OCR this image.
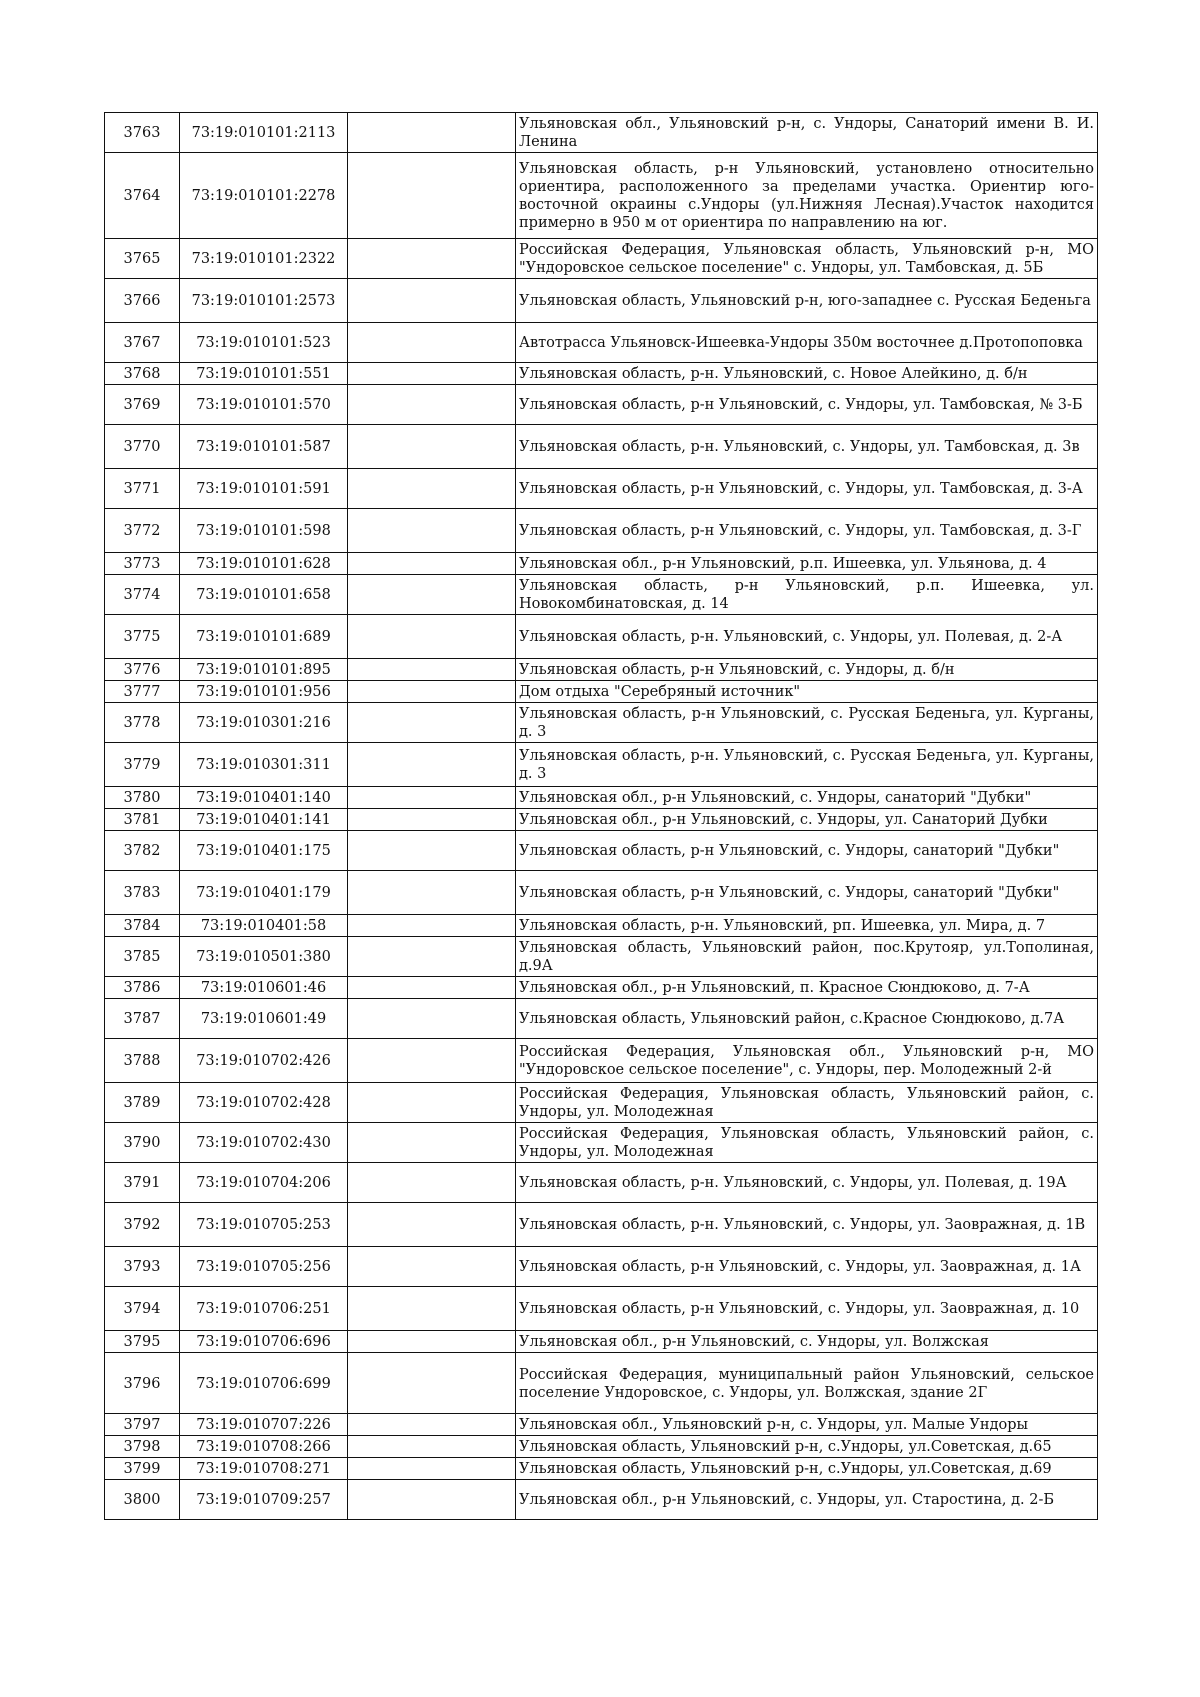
3763	73:19:010101:2113		Ульяновская обл., Ульяновский р-н, с. Ундоры, Санаторий имени В. И. Ленина
3764	73:19:010101:2278		Ульяновская область, р-н Ульяновский, установлено относительно ориентира, расположенного за пределами участка. Ориентир юго-восточной окраины с.Ундоры (ул.Нижняя Лесная).Участок находится примерно в 950 м от ориентира по направлению на юг.
3765	73:19:010101:2322		Российская Федерация, Ульяновская область, Ульяновский р-н, МО "Ундоровское сельское поселение" с. Ундоры, ул. Тамбовская, д. 5Б
3766	73:19:010101:2573		Ульяновская область, Ульяновский р-н, юго-западнее с. Русская Беденьга
3767	73:19:010101:523		Автотрасса Ульяновск-Ишеевка-Ундоры 350м восточнее д.Протопоповка
3768	73:19:010101:551		Ульяновская область, р-н. Ульяновский, с. Новое Алейкино, д. б/н
3769	73:19:010101:570		Ульяновская область, р-н Ульяновский, с. Ундоры, ул. Тамбовская, № 3-Б
3770	73:19:010101:587		Ульяновская область, р-н. Ульяновский, с. Ундоры, ул. Тамбовская, д. 3в
3771	73:19:010101:591		Ульяновская область, р-н Ульяновский, с. Ундоры, ул. Тамбовская, д. 3-А
3772	73:19:010101:598		Ульяновская область, р-н Ульяновский, с. Ундоры, ул. Тамбовская, д. 3-Г
3773	73:19:010101:628		Ульяновская обл., р-н Ульяновский, р.п. Ишеевка, ул. Ульянова, д. 4
3774	73:19:010101:658		Ульяновская область, р-н Ульяновский, р.п. Ишеевка, ул. Новокомбинатовская, д. 14
3775	73:19:010101:689		Ульяновская область, р-н. Ульяновский, с. Ундоры, ул. Полевая, д. 2-А
3776	73:19:010101:895		Ульяновская область, р-н Ульяновский, с. Ундоры, д. б/н
3777	73:19:010101:956		Дом отдыха "Серебряный источник"
3778	73:19:010301:216		Ульяновская область, р-н Ульяновский, с. Русская Беденьга, ул. Курганы, д. 3
3779	73:19:010301:311		Ульяновская область, р-н. Ульяновский, с. Русская Беденьга, ул. Курганы, д. 3
3780	73:19:010401:140		Ульяновская обл., р-н Ульяновский, с. Ундоры, санаторий "Дубки"
3781	73:19:010401:141		Ульяновская обл., р-н Ульяновский, с. Ундоры, ул. Санаторий Дубки
3782	73:19:010401:175		Ульяновская область, р-н Ульяновский, с. Ундоры, санаторий "Дубки"
3783	73:19:010401:179		Ульяновская область, р-н Ульяновский, с. Ундоры, санаторий "Дубки"
3784	73:19:010401:58		Ульяновская область, р-н. Ульяновский, рп. Ишеевка, ул. Мира, д. 7
3785	73:19:010501:380		Ульяновская область, Ульяновский район, пос.Крутояр, ул.Тополиная, д.9А
3786	73:19:010601:46		Ульяновская обл., р-н Ульяновский, п. Красное Сюндюково, д. 7-А
3787	73:19:010601:49		Ульяновская область, Ульяновский район, с.Красное Сюндюково, д.7А
3788	73:19:010702:426		Российская Федерация, Ульяновская обл., Ульяновский р-н, МО "Ундоровское сельское поселение", с. Ундоры, пер. Молодежный 2-й
3789	73:19:010702:428		Российская Федерация, Ульяновская область, Ульяновский район, с. Ундоры, ул. Молодежная
3790	73:19:010702:430		Российская Федерация, Ульяновская область, Ульяновский район, с. Ундоры, ул. Молодежная
3791	73:19:010704:206		Ульяновская область, р-н. Ульяновский, с. Ундоры, ул. Полевая, д. 19А
3792	73:19:010705:253		Ульяновская область, р-н. Ульяновский, с. Ундоры, ул. Заовражная, д. 1В
3793	73:19:010705:256		Ульяновская область, р-н Ульяновский, с. Ундоры, ул. Заовражная, д. 1А
3794	73:19:010706:251		Ульяновская область, р-н Ульяновский, с. Ундоры, ул. Заовражная, д. 10
3795	73:19:010706:696		Ульяновская обл., р-н Ульяновский, с. Ундоры, ул. Волжская
3796	73:19:010706:699		Российская Федерация, муниципальный район Ульяновский, сельское поселение Ундоровское, с. Ундоры, ул. Волжская, здание 2Г
3797	73:19:010707:226		Ульяновская обл., Ульяновский р-н, с. Ундоры, ул. Малые Ундоры
3798	73:19:010708:266		Ульяновская область, Ульяновский р-н, с.Ундоры, ул.Советская, д.65
3799	73:19:010708:271		Ульяновская область, Ульяновский р-н, с.Ундоры, ул.Советская, д.69
3800	73:19:010709:257		Ульяновская обл., р-н Ульяновский, с. Ундоры, ул. Старостина, д. 2-Б
